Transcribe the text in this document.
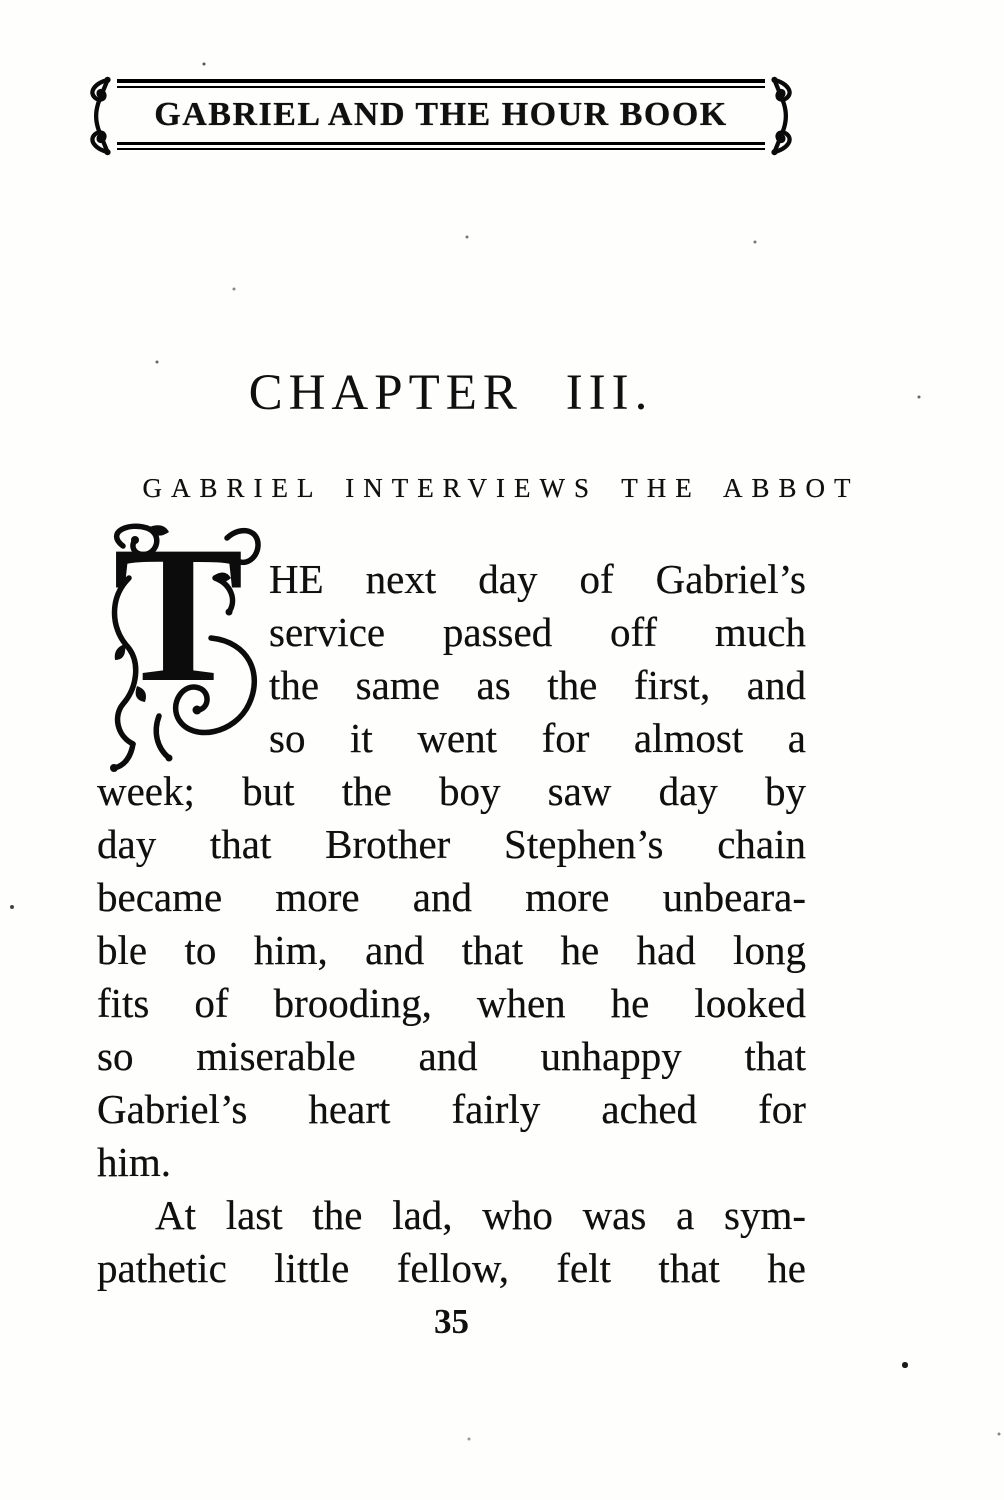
GABRIEL AND THE HOUR BOOK
CHAPTER III.
GABRIEL INTERVIEWS THE ABBOT
T HE next day of Gabriel’s
service passed off much
the same as the first, and
so it went for almost a
week; but the boy saw day by
day that Brother Stephen’s chain
became more and more unbeara-
ble to him, and that he had long
fits of brooding, when he looked
so miserable and unhappy that
Gabriel’s heart fairly ached for
him.
At last the lad, who was a sym-
pathetic little fellow, felt that he
35
